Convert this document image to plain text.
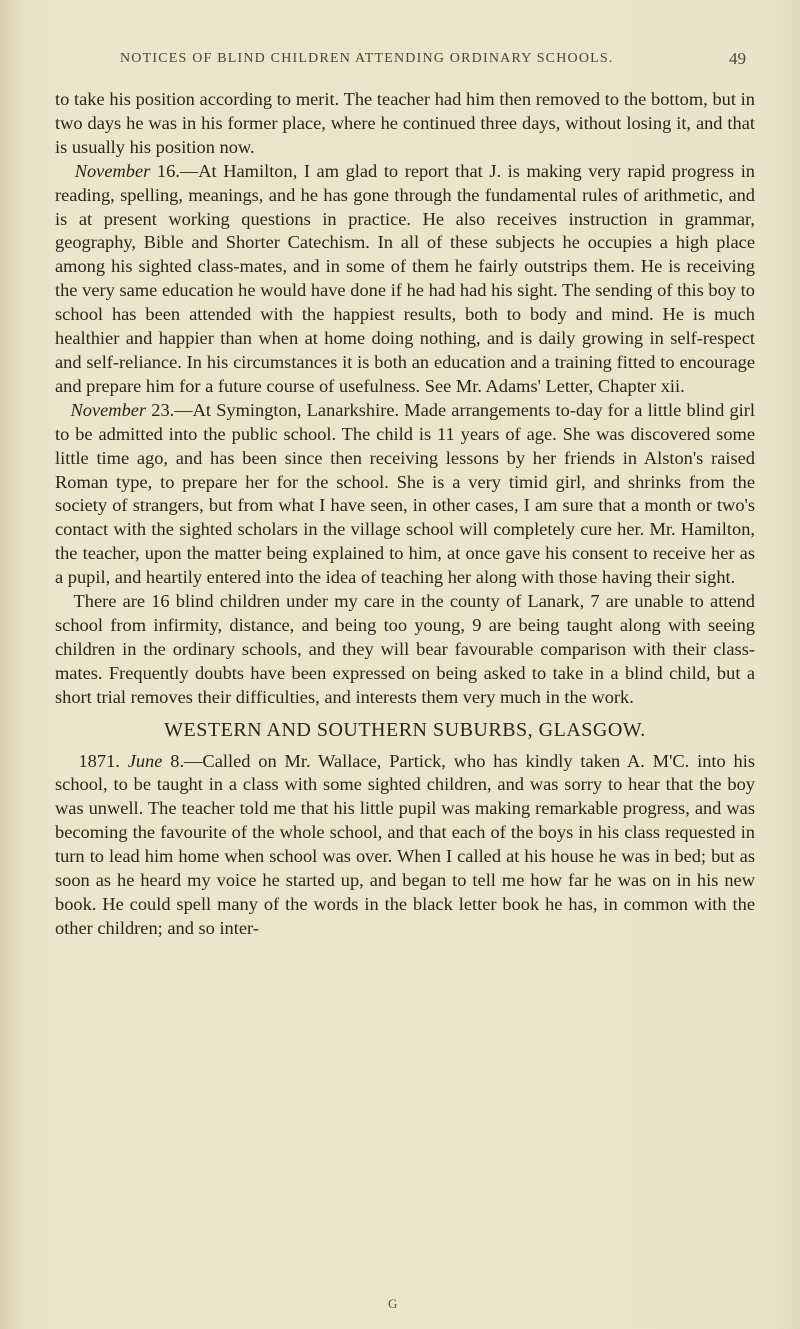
NOTICES OF BLIND CHILDREN ATTENDING ORDINARY SCHOOLS.	49

to take his position according to merit. The teacher had him then removed to the bottom, but in two days he was in his former place, where he continued three days, without losing it, and that is usually his position now.

November 16.—At Hamilton, I am glad to report that J. is making very rapid progress in reading, spelling, meanings, and he has gone through the fundamental rules of arithmetic, and is at present working questions in practice. He also receives instruction in grammar, geography, Bible and Shorter Catechism. In all of these subjects he occupies a high place among his sighted class-mates, and in some of them he fairly outstrips them. He is receiving the very same education he would have done if he had had his sight. The sending of this boy to school has been attended with the happiest results, both to body and mind. He is much healthier and happier than when at home doing nothing, and is daily growing in self-respect and self-reliance. In his circumstances it is both an education and a training fitted to encourage and prepare him for a future course of usefulness. See Mr. Adams' Letter, Chapter xii.

November 23.—At Symington, Lanarkshire. Made arrangements to-day for a little blind girl to be admitted into the public school. The child is 11 years of age. She was discovered some little time ago, and has been since then receiving lessons by her friends in Alston's raised Roman type, to prepare her for the school. She is a very timid girl, and shrinks from the society of strangers, but from what I have seen, in other cases, I am sure that a month or two's contact with the sighted scholars in the village school will completely cure her. Mr. Hamilton, the teacher, upon the matter being explained to him, at once gave his consent to receive her as a pupil, and heartily entered into the idea of teaching her along with those having their sight.

There are 16 blind children under my care in the county of Lanark, 7 are unable to attend school from infirmity, distance, and being too young, 9 are being taught along with seeing children in the ordinary schools, and they will bear favourable comparison with their class-mates. Frequently doubts have been expressed on being asked to take in a blind child, but a short trial removes their difficulties, and interests them very much in the work.

WESTERN AND SOUTHERN SUBURBS, GLASGOW.

1871. June 8.—Called on Mr. Wallace, Partick, who has kindly taken A. M'C. into his school, to be taught in a class with some sighted children, and was sorry to hear that the boy was unwell. The teacher told me that his little pupil was making remarkable progress, and was becoming the favourite of the whole school, and that each of the boys in his class requested in turn to lead him home when school was over. When I called at his house he was in bed; but as soon as he heard my voice he started up, and began to tell me how far he was on in his new book. He could spell many of the words in the black letter book he has, in common with the other children; and so inter-

G
